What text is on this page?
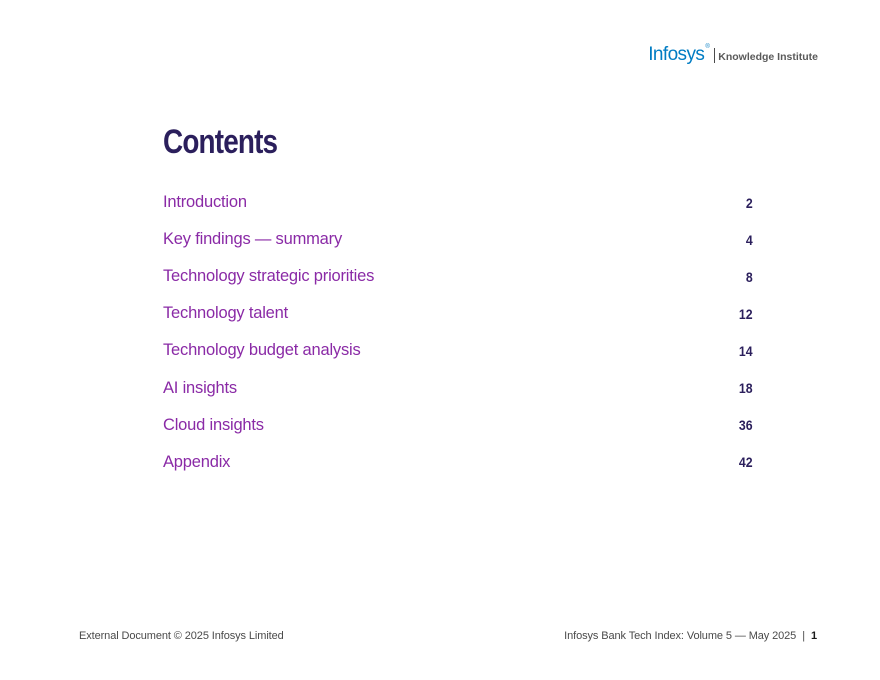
Infosys ®
Knowledge Institute
Contents
Introduction	2
Key findings — summary	4
Technology strategic priorities	8
Technology talent	12
Technology budget analysis	14
AI insights	18
Cloud insights	36
Appendix	42
External Document © 2025 Infosys Limited	Infosys Bank Tech Index: Volume 5 — May 2025 | 1
